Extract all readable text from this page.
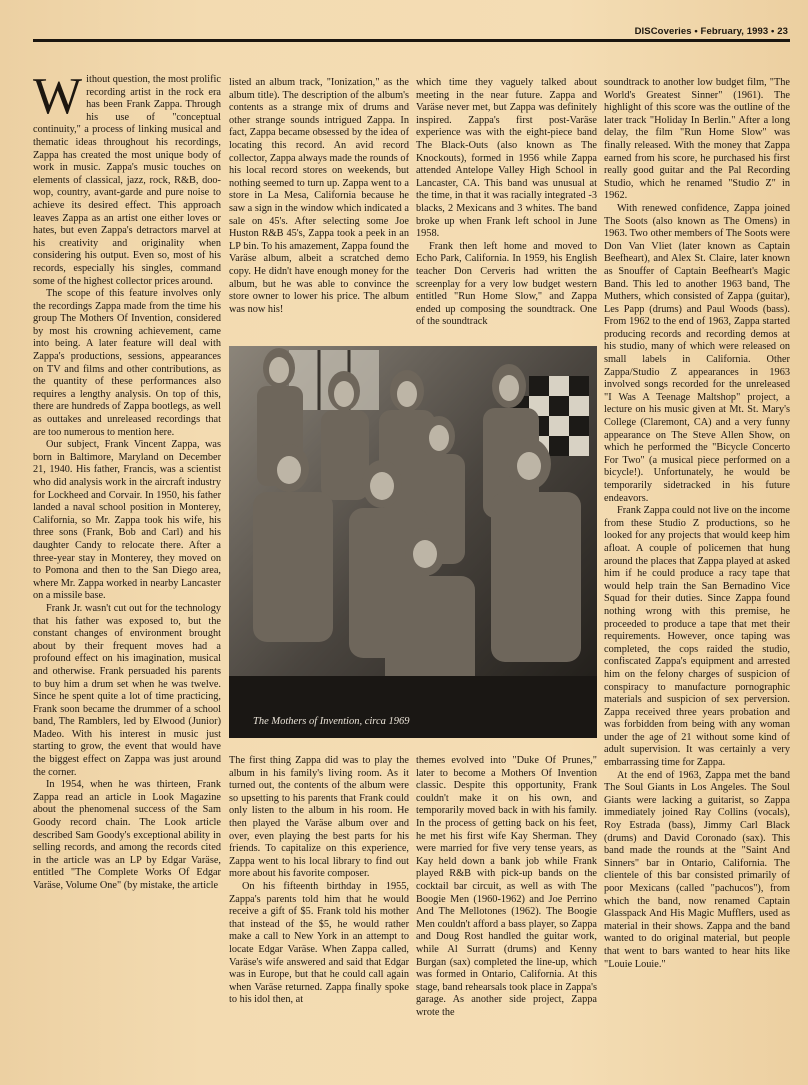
DISCoveries • February, 1993 • 23
W ithout question, the most prolific recording artist in the rock era has been Frank Zappa. Through his use of "conceptual continuity," a process of linking musical and thematic ideas throughout his recordings, Zappa has created the most unique body of work in music. Zappa's music touches on elements of classical, jazz, rock, R&B, doo-wop, country, avant-garde and pure noise to achieve its desired effect. This approach leaves Zappa as an artist one either loves or hates, but even Zappa's detractors marvel at his creativity and originality when considering his output. Even so, most of his records, especially his singles, command some of the highest collector prices around.

The scope of this feature involves only the recordings Zappa made from the time his group The Mothers Of Invention, considered by most his crowning achievement, came into being. A later feature will deal with Zappa's productions, sessions, appearances on TV and films and other contributions, as the quantity of these performances also requires a lengthy analysis. On top of this, there are hundreds of Zappa bootlegs, as well as outtakes and unreleased recordings that are too numerous to mention here.

Our subject, Frank Vincent Zappa, was born in Baltimore, Maryland on December 21, 1940. His father, Francis, was a scientist who did analysis work in the aircraft industry for Lockheed and Corvair. In 1950, his father landed a naval school position in Monterey, California, so Mr. Zappa took his wife, his three sons (Frank, Bob and Carl) and his daughter Candy to relocate there. After a three-year stay in Monterey, they moved on to Pomona and then to the San Diego area, where Mr. Zappa worked in nearby Lancaster on a missile base.

Frank Jr. wasn't cut out for the technology that his father was exposed to, but the constant changes of environment brought about by their frequent moves had a profound effect on his imagination, musical and otherwise. Frank persuaded his parents to buy him a drum set when he was twelve. Since he spent quite a lot of time practicing, Frank soon became the drummer of a school band, The Ramblers, led by Elwood (Junior) Madeo. With his interest in music just starting to grow, the event that would have the biggest effect on Zappa was just around the corner.

In 1954, when he was thirteen, Frank Zappa read an article in Look Magazine about the phenomenal success of the Sam Goody record chain. The Look article described Sam Goody's exceptional ability in selling records, and among the records cited in the article was an LP by Edgar Varäse, entitled "The Complete Works Of Edgar Varäse, Volume One" (by mistake, the article

listed an album track, "Ionization," as the album title). The description of the album's contents as a strange mix of drums and other strange sounds intrigued Zappa. In fact, Zappa became obsessed by the idea of locating this record. An avid record collector, Zappa always made the rounds of his local record stores on weekends, but nothing seemed to turn up. Zappa went to a store in La Mesa, California because he saw a sign in the window which indicated a sale on 45's. After selecting some Joe Huston R&B 45's, Zappa took a peek in an LP bin. To his amazement, Zappa found the Varäse album, albeit a scratched demo copy. He didn't have enough money for the album, but he was able to convince the store owner to lower his price. The album was now his!

which time they vaguely talked about meeting in the near future. Zappa and Varäse never met, but Zappa was definitely inspired. Zappa's first post-Varäse experience was with the eight-piece band The Black-Outs (also known as The Knockouts), formed in 1956 while Zappa attended Antelope Valley High School in Lancaster, CA. This band was unusual at the time, in that it was racially integrated -3 blacks, 2 Mexicans and 3 whites. The band broke up when Frank left school in June 1958.

Frank then left home and moved to Echo Park, California. In 1959, his English teacher Don Cerveris had written the screenplay for a very low budget western entitled "Run Home Slow," and Zappa ended up composing the soundtrack. One of the soundtrack

The Mothers of Invention, circa 1969

soundtrack to another low budget film, "The World's Greatest Sinner" (1961). The highlight of this score was the outline of the later track "Holiday In Berlin." After a long delay, the film "Run Home Slow" was finally released. With the money that Zappa earned from his score, he purchased his first really good guitar and the Pal Recording Studio, which he renamed "Studio Z" in 1962.

With renewed confidence, Zappa joined The Soots (also known as The Omens) in 1963. Two other members of The Soots were Don Van Vliet (later known as Captain Beefheart), and Alex St. Claire, later known as Snouffer of Captain Beefheart's Magic Band. This led to another 1963 band, The Muthers, which consisted of Zappa (guitar), Les Papp (drums) and Paul Woods (bass). From 1962 to the end of 1963, Zappa started producing records and recording demos at his studio, many of which were released on small labels in California. Other Zappa/Studio Z appearances in 1963 involved songs recorded for the unreleased "I Was A Teenage Maltshop" project, a lecture on his music given at Mt. St. Mary's College (Claremont, CA) and a very funny appearance on The Steve Allen Show, on which he performed the "Bicycle Concerto For Two" (a musical piece performed on a bicycle!). Unfortunately, he would be temporarily sidetracked in his future endeavors.

Frank Zappa could not live on the income from these Studio Z productions, so he looked for any projects that would keep him afloat. A couple of policemen that hung around the places that Zappa played at asked him if he could produce a racy tape that would help train the San Bernadino Vice Squad for their duties. Since Zappa found nothing wrong with this premise, he proceeded to produce a tape that met their requirements. However, once taping was completed, the cops raided the studio, confiscated Zappa's equipment and arrested him on the felony charges of suspicion of conspiracy to manufacture pornographic materials and suspicion of sex perversion. Zappa received three years probation and was forbidden from being with any woman under the age of 21 without some kind of adult supervision. It was certainly a very embarrassing time for Zappa.

At the end of 1963, Zappa met the band The Soul Giants in Los Angeles. The Soul Giants were lacking a guitarist, so Zappa immediately joined Ray Collins (vocals), Roy Estrada (bass), Jimmy Carl Black (drums) and David Coronado (sax). This band made the rounds at the "Saint And Sinners" bar in Ontario, California. The clientele of this bar consisted primarily of poor Mexicans (called "pachucos"), from which the band, now renamed Captain Glasspack And His Magic Mufflers, used as material in their shows. Zappa and the band wanted to do original material, but people that went to bars wanted to hear hits like "Louie Louie."

The first thing Zappa did was to play the album in his family's living room. As it turned out, the contents of the album were so upsetting to his parents that Frank could only listen to the album in his room. He then played the Varäse album over and over, even playing the best parts for his friends. To capitalize on this experience, Zappa went to his local library to find out more about his favorite composer.

On his fifteenth birthday in 1955, Zappa's parents told him that he would receive a gift of $5. Frank told his mother that instead of the $5, he would rather make a call to New York in an attempt to locate Edgar Varäse. When Zappa called, Varäse's wife answered and said that Edgar was in Europe, but that he could call again when Varäse returned. Zappa finally spoke to his idol then, at

themes evolved into "Duke Of Prunes," later to become a Mothers Of Invention classic. Despite this opportunity, Frank couldn't make it on his own, and temporarily moved back in with his family. In the process of getting back on his feet, he met his first wife Kay Sherman. They were married for five very tense years, as Kay held down a bank job while Frank played R&B with pick-up bands on the cocktail bar circuit, as well as with The Boogie Men (1960-1962) and Joe Perrino And The Mellotones (1962). The Boogie Men couldn't afford a bass player, so Zappa and Doug Rost handled the guitar work, while Al Surratt (drums) and Kenny Burgan (sax) completed the line-up, which was formed in Ontario, California. At this stage, band rehearsals took place in Zappa's garage. As another side project, Zappa wrote the
